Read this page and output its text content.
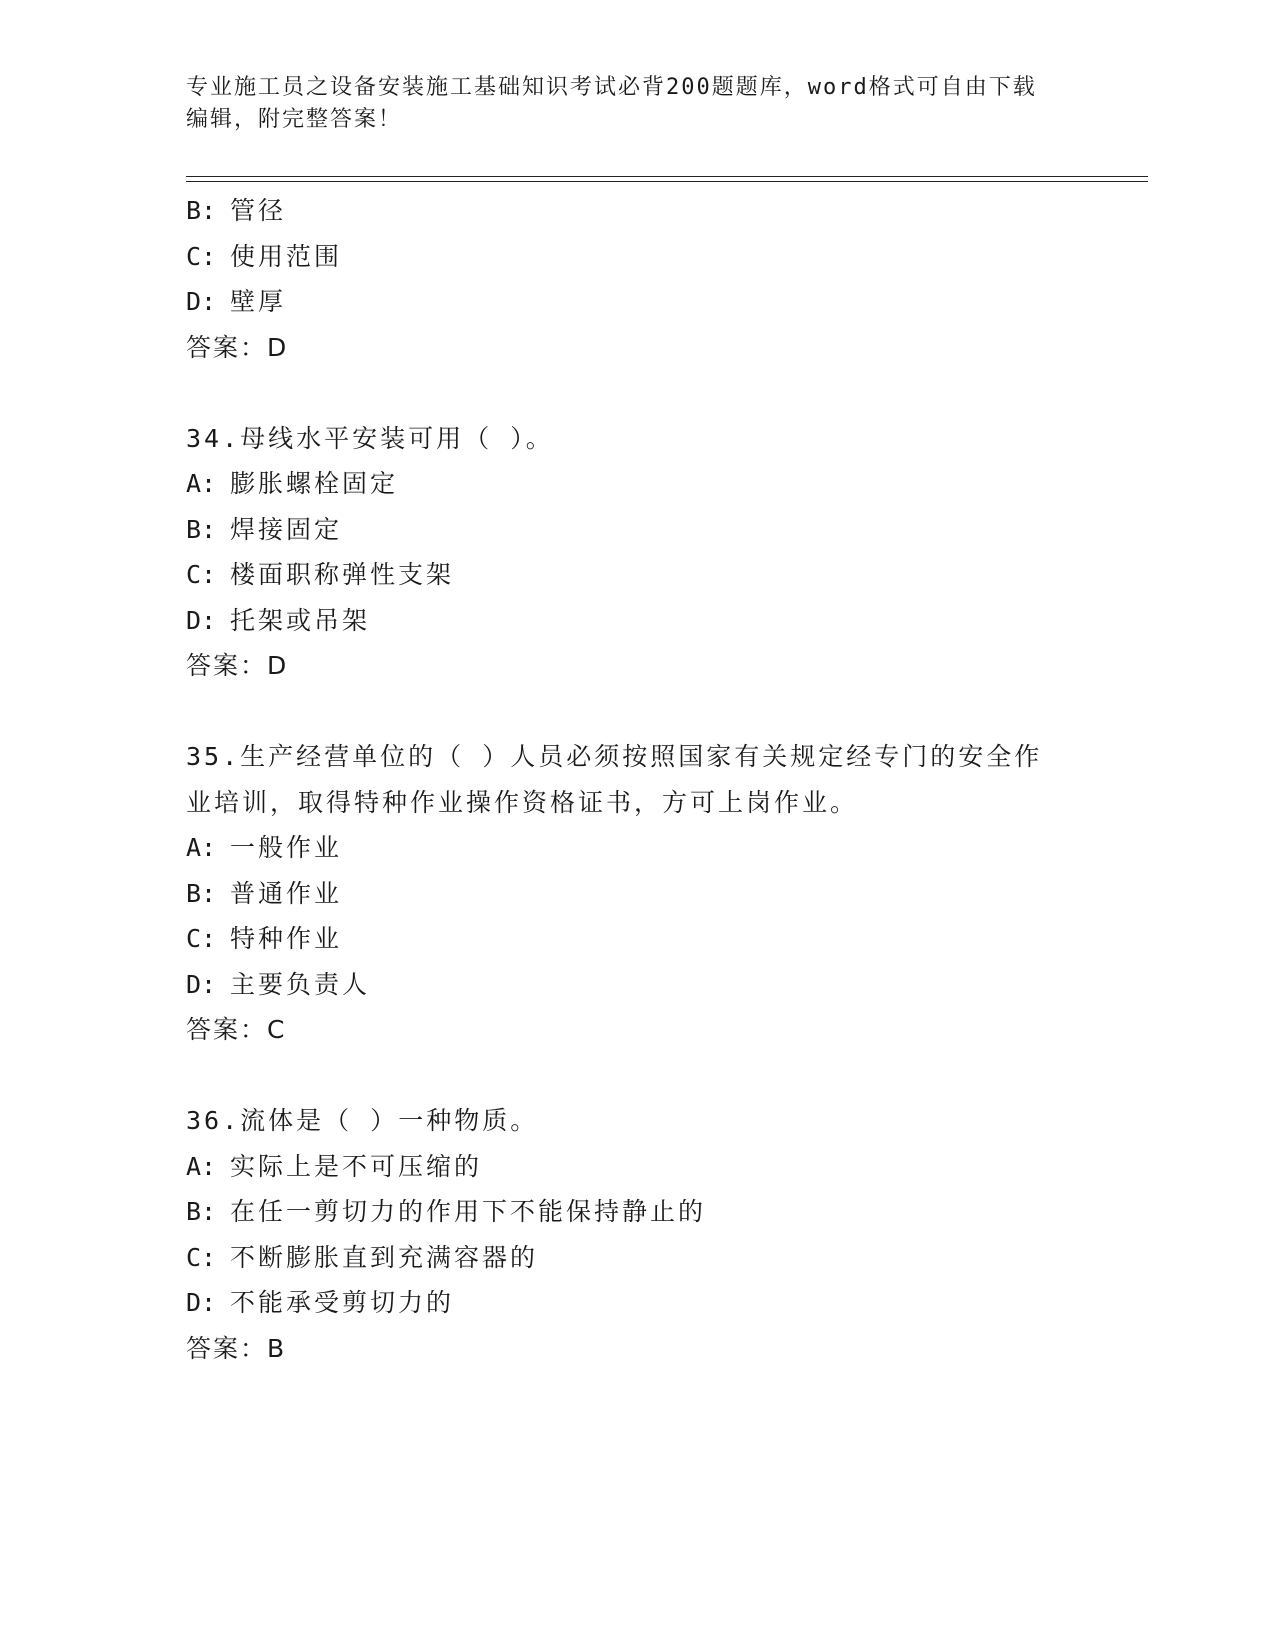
专业施工员之设备安装施工基础知识考试必背200题题库，word格式可自由下载
编辑，附完整答案！
B: 管径
C: 使用范围
D: 壁厚
答案：D
34.母线水平安装可用（ ）。
A: 膨胀螺栓固定
B: 焊接固定
C: 楼面职称弹性支架
D: 托架或吊架
答案：D
35.生产经营单位的（ ）人员必须按照国家有关规定经专门的安全作
业培训，取得特种作业操作资格证书，方可上岗作业。
A: 一般作业
B: 普通作业
C: 特种作业
D: 主要负责人
答案：C
36.流体是（ ）一种物质。
A: 实际上是不可压缩的
B: 在任一剪切力的作用下不能保持静止的
C: 不断膨胀直到充满容器的
D: 不能承受剪切力的
答案：B
